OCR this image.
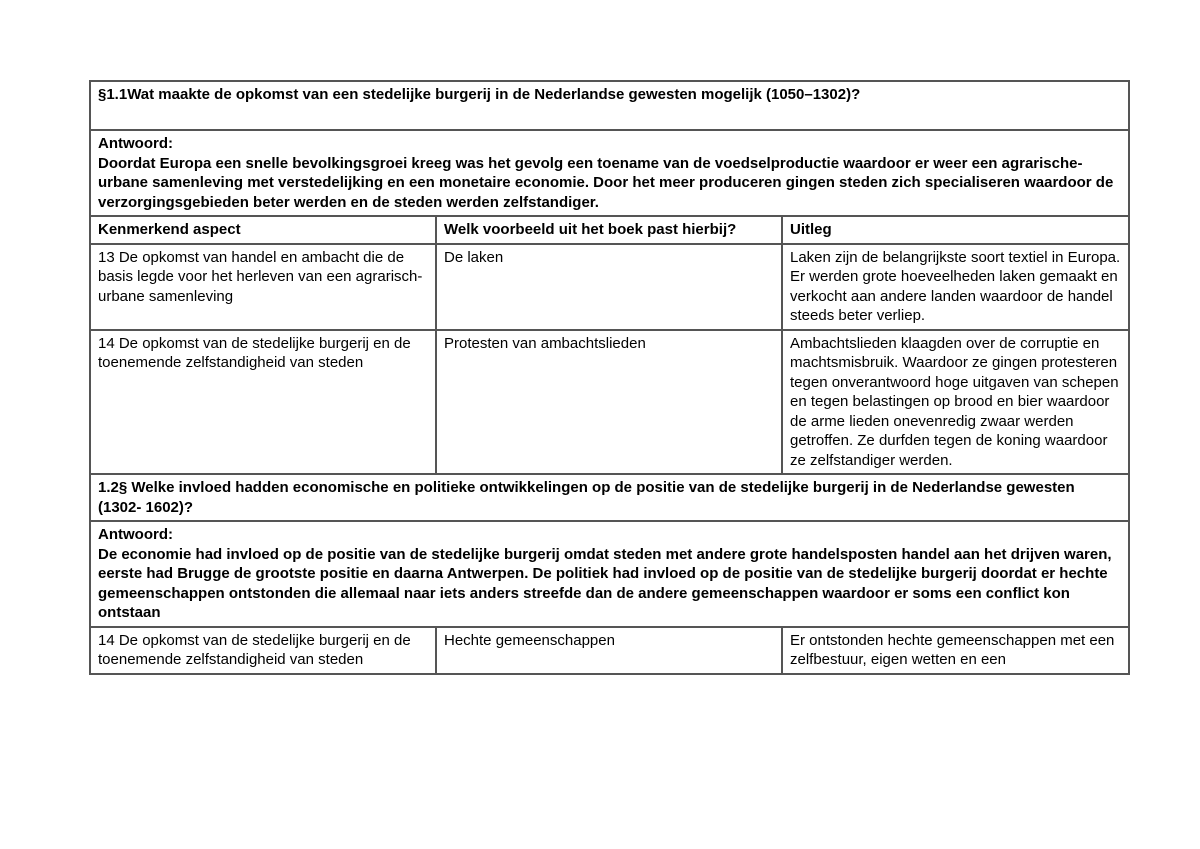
§1.1Wat maakte de opkomst van een stedelijke burgerij in de Nederlandse gewesten mogelijk (1050–1302)?		

Antwoord:
Doordat Europa een snelle bevolkingsgroei kreeg was het gevolg een toename van de voedselproductie waardoor er weer een agrarische-urbane samenleving met verstedelijking en een monetaire economie. Door het meer produceren gingen steden zich specialiseren waardoor de verzorgingsgebieden beter werden en de steden werden zelfstandiger.		

Kenmerkend aspect	Welk voorbeeld uit het boek past hierbij?	Uitleg
13 De opkomst van handel en ambacht die de basis legde voor het herleven van een agrarisch-urbane samenleving	De laken	Laken zijn de belangrijkste soort textiel in Europa. Er werden grote hoeveelheden laken gemaakt en verkocht aan andere landen waardoor de handel steeds beter verliep.
14 De opkomst van de stedelijke burgerij en de toenemende zelfstandigheid van steden	Protesten van ambachtslieden	Ambachtslieden klaagden over de corruptie en machtsmisbruik. Waardoor ze gingen protesteren tegen onverantwoord hoge uitgaven van schepen en tegen belastingen op brood en bier waardoor de arme lieden onevenredig zwaar werden getroffen. Ze durfden tegen de koning waardoor ze zelfstandiger werden.
1.2§ Welke invloed hadden economische en politieke ontwikkelingen op de positie van de stedelijke burgerij in de Nederlandse gewesten (1302- 1602)?		

Antwoord:
De economie had invloed op de positie van de stedelijke burgerij omdat steden met andere grote handelsposten handel aan het drijven waren, eerste had Brugge de grootste positie en daarna Antwerpen. De politiek had invloed op de positie van de stedelijke burgerij doordat er hechte gemeenschappen ontstonden die allemaal naar iets anders streefde dan de andere gemeenschappen waardoor er soms een conflict kon ontstaan		

14 De opkomst van de stedelijke burgerij en de toenemende zelfstandigheid van steden	Hechte gemeenschappen	Er ontstonden hechte gemeenschappen met een zelfbestuur, eigen wetten en een
